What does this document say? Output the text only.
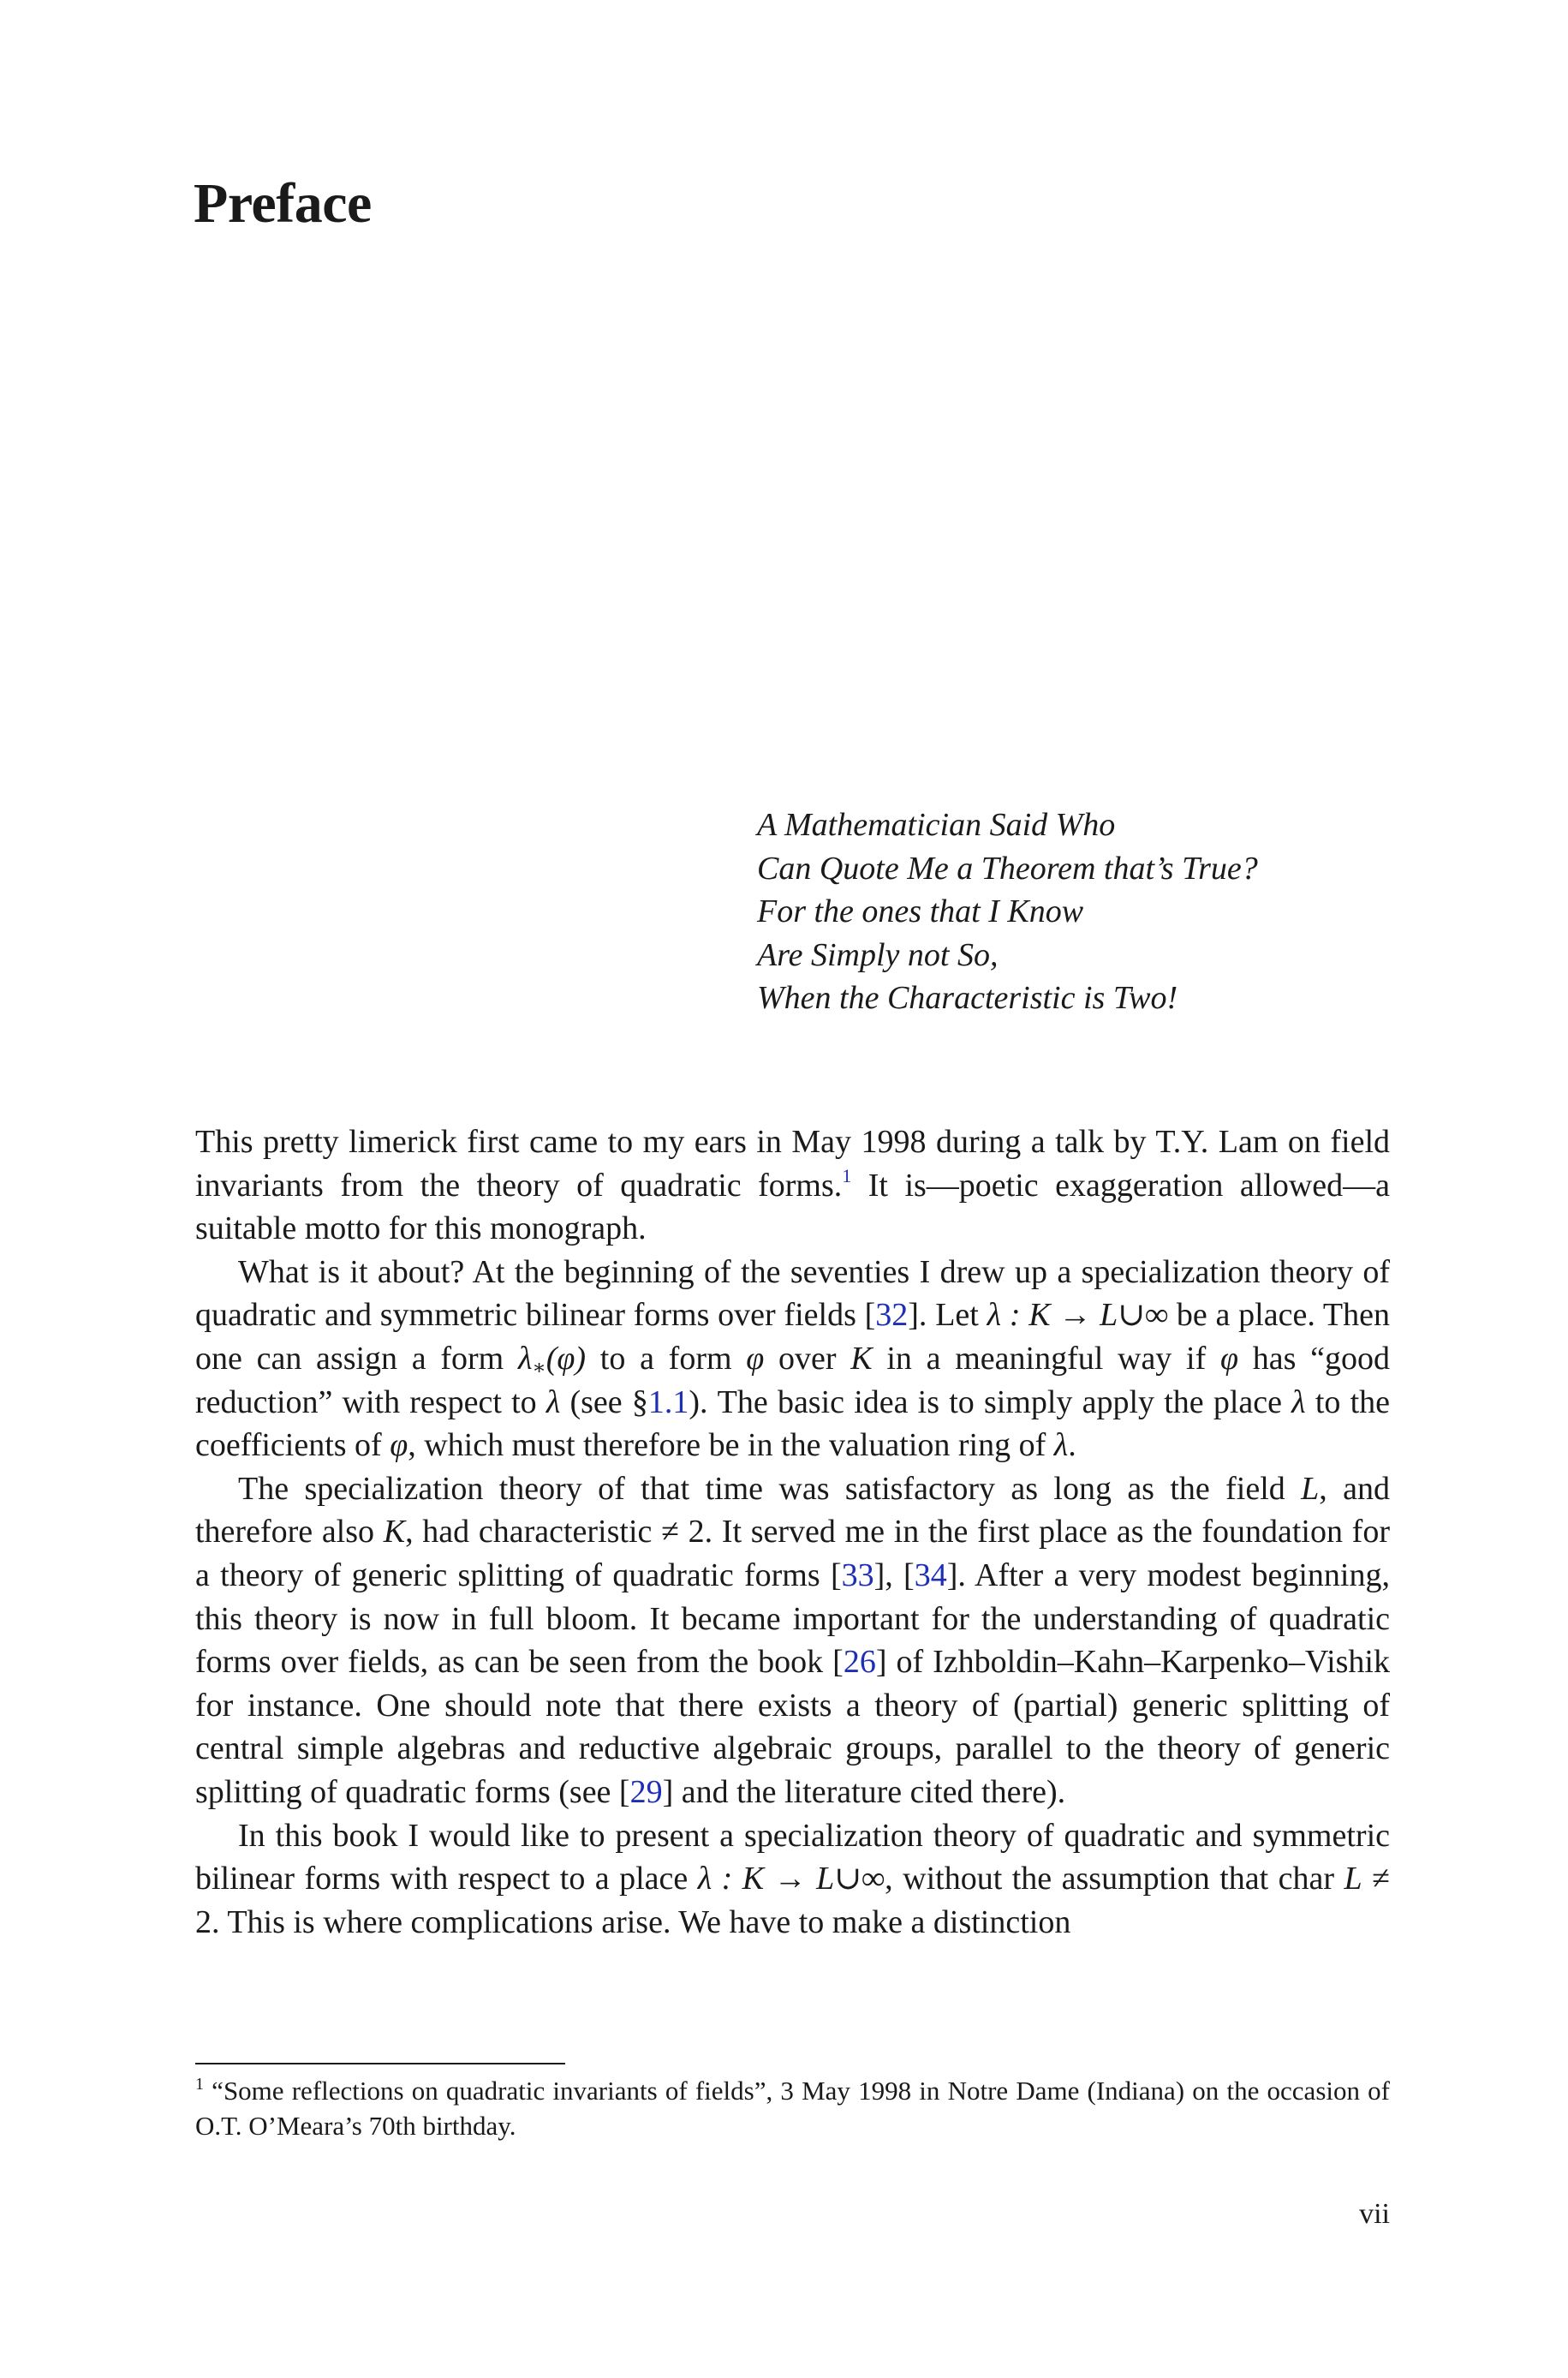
Preface
A Mathematician Said Who
Can Quote Me a Theorem that’s True?
For the ones that I Know
Are Simply not So,
When the Characteristic is Two!

This pretty limerick first came to my ears in May 1998 during a talk by T.Y. Lam on field invariants from the theory of quadratic forms.$^1$ It is—poetic exaggeration allowed—a suitable motto for this monograph.

What is it about? At the beginning of the seventies I drew up a specialization theory of quadratic and symmetric bilinear forms over fields [32]. Let λ : K → L∪∞ be a place. Then one can assign a form $\lambda_∗(\varphi)$ to a form φ over K in a meaningful way if φ has “good reduction” with respect to λ (see §1.1). The basic idea is to simply apply the place λ to the coefficients of φ, which must therefore be in the valuation ring of λ.

The specialization theory of that time was satisfactory as long as the field L, and therefore also K, had characteristic ≠ 2. It served me in the first place as the foundation for a theory of generic splitting of quadratic forms [33], [34]. After a very modest beginning, this theory is now in full bloom. It became important for the understanding of quadratic forms over fields, as can be seen from the book [26] of Izhboldin–Kahn–Karpenko–Vishik for instance. One should note that there exists a theory of (partial) generic splitting of central simple algebras and reductive algebraic groups, parallel to the theory of generic splitting of quadratic forms (see [29] and the literature cited there).

In this book I would like to present a specialization theory of quadratic and symmetric bilinear forms with respect to a place λ : K → L∪∞, without the assumption that char L ≠ 2. This is where complications arise. We have to make a distinction

$^1$ “Some reflections on quadratic invariants of fields”, 3 May 1998 in Notre Dame (Indiana) on the occasion of O.T. O’Meara’s 70th birthday.
vii
